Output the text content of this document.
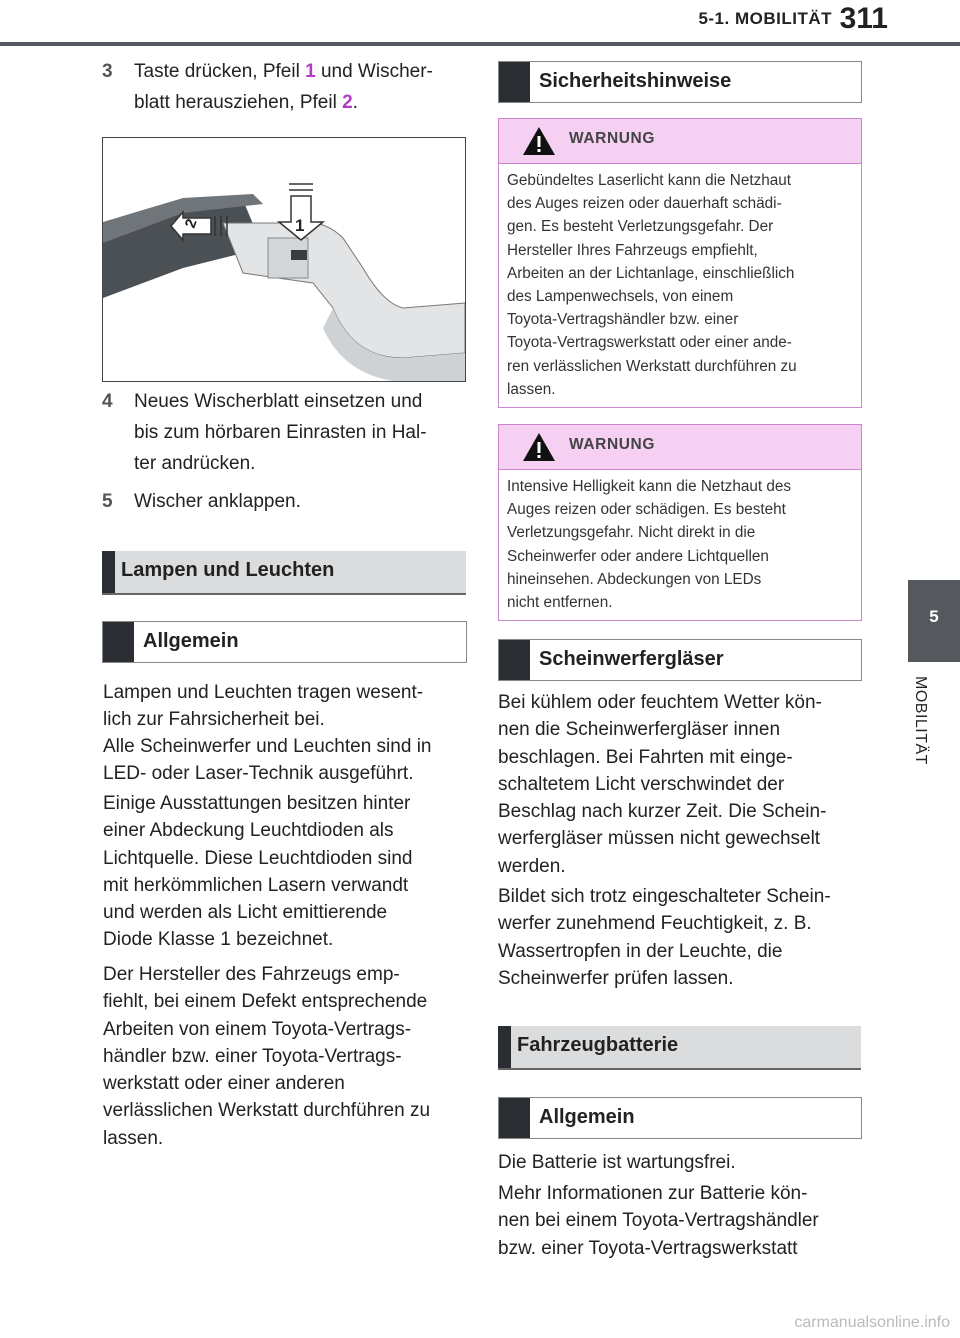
5-1. MOBILITÄT 311
5
MOBILITÄT
3 Taste drücken, Pfeil 1 und Wischer-
blatt herausziehen, Pfeil 2.
1
2
4 Neues Wischerblatt einsetzen und
bis zum hörbaren Einrasten in Hal-
ter andrücken.
5 Wischer anklappen.
Lampen und Leuchten
Allgemein
Lampen und Leuchten tragen wesent-
lich zur Fahrsicherheit bei.
Alle Scheinwerfer und Leuchten sind in
LED- oder Laser-Technik ausgeführt.
Einige Ausstattungen besitzen hinter
einer Abdeckung Leuchtdioden als
Lichtquelle. Diese Leuchtdioden sind
mit herkömmlichen Lasern verwandt
und werden als Licht emittierende
Diode Klasse 1 bezeichnet.
Der Hersteller des Fahrzeugs emp-
fiehlt, bei einem Defekt entsprechende
Arbeiten von einem Toyota-Vertrags-
händler bzw. einer Toyota-Vertrags-
werkstatt oder einer anderen
verlässlichen Werkstatt durchführen zu
lassen.
Sicherheitshinweise
WARNUNG
Gebündeltes Laserlicht kann die Netzhaut
des Auges reizen oder dauerhaft schädi-
gen. Es besteht Verletzungsgefahr. Der
Hersteller Ihres Fahrzeugs empfiehlt,
Arbeiten an der Lichtanlage, einschließlich
des Lampenwechsels, von einem
Toyota-Vertragshändler bzw. einer
Toyota-Vertragswerkstatt oder einer ande-
ren verlässlichen Werkstatt durchführen zu
lassen.
WARNUNG
Intensive Helligkeit kann die Netzhaut des
Auges reizen oder schädigen. Es besteht
Verletzungsgefahr. Nicht direkt in die
Scheinwerfer oder andere Lichtquellen
hineinsehen. Abdeckungen von LEDs
nicht entfernen.
Scheinwerfergläser
Bei kühlem oder feuchtem Wetter kön-
nen die Scheinwerfergläser innen
beschlagen. Bei Fahrten mit einge-
schaltetem Licht verschwindet der
Beschlag nach kurzer Zeit. Die Schein-
werfergläser müssen nicht gewechselt
werden.
Bildet sich trotz eingeschalteter Schein-
werfer zunehmend Feuchtigkeit, z. B.
Wassertropfen in der Leuchte, die
Scheinwerfer prüfen lassen.
Fahrzeugbatterie
Allgemein
Die Batterie ist wartungsfrei.
Mehr Informationen zur Batterie kön-
nen bei einem Toyota-Vertragshändler
bzw. einer Toyota-Vertragswerkstatt
carmanualsonline.info
